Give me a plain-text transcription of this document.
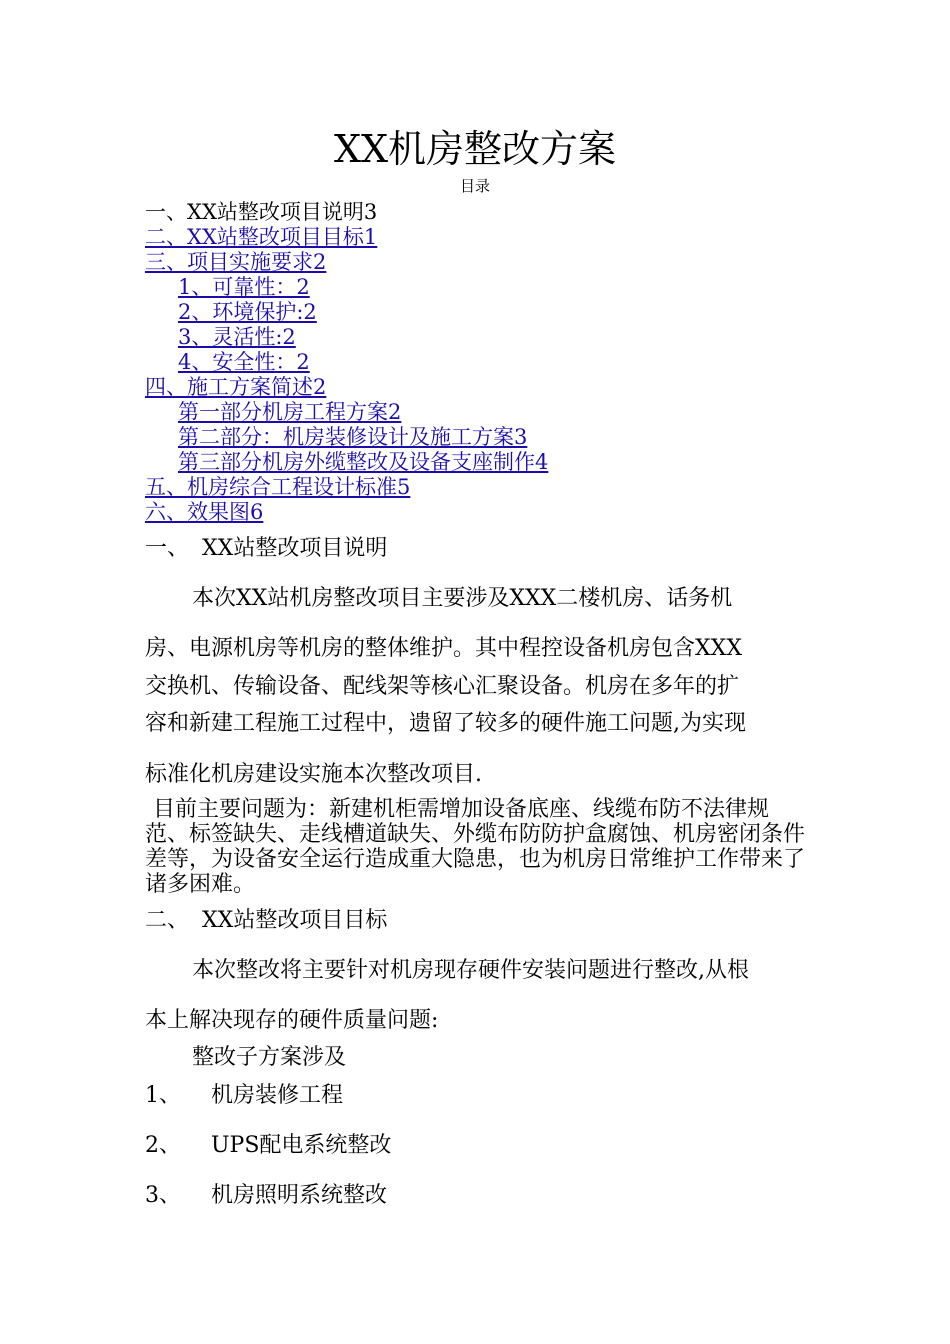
XX机房整改方案
目录
一、XX站整改项目说明3
二、XX站整改项目目标1
三、项目实施要求2
1、可靠性：2
2、环境保护:2
3、灵活性:2
4、安全性：2
四、施工方案简述2
第一部分机房工程方案2
第二部分：机房装修设计及施工方案3
第三部分机房外缆整改及设备支座制作4
五、机房综合工程设计标准5
六、效果图6
一、 XX站整改项目说明
本次XX站机房整改项目主要涉及XXX二楼机房、话务机
房、电源机房等机房的整体维护。其中程控设备机房包含XXX
交换机、传输设备、配线架等核心汇聚设备。机房在多年的扩
容和新建工程施工过程中，遗留了较多的硬件施工问题,为实现
标准化机房建设实施本次整改项目.
目前主要问题为：新建机柜需增加设备底座、线缆布防不法律规范、标签缺失、走线槽道缺失、外缆布防防护盒腐蚀、机房密闭条件差等，为设备安全运行造成重大隐患，也为机房日常维护工作带来了诸多困难。
二、 XX站整改项目目标
本次整改将主要针对机房现存硬件安装问题进行整改,从根
本上解决现存的硬件质量问题:
整改子方案涉及
1、 机房装修工程
2、 UPS配电系统整改
3、 机房照明系统整改
